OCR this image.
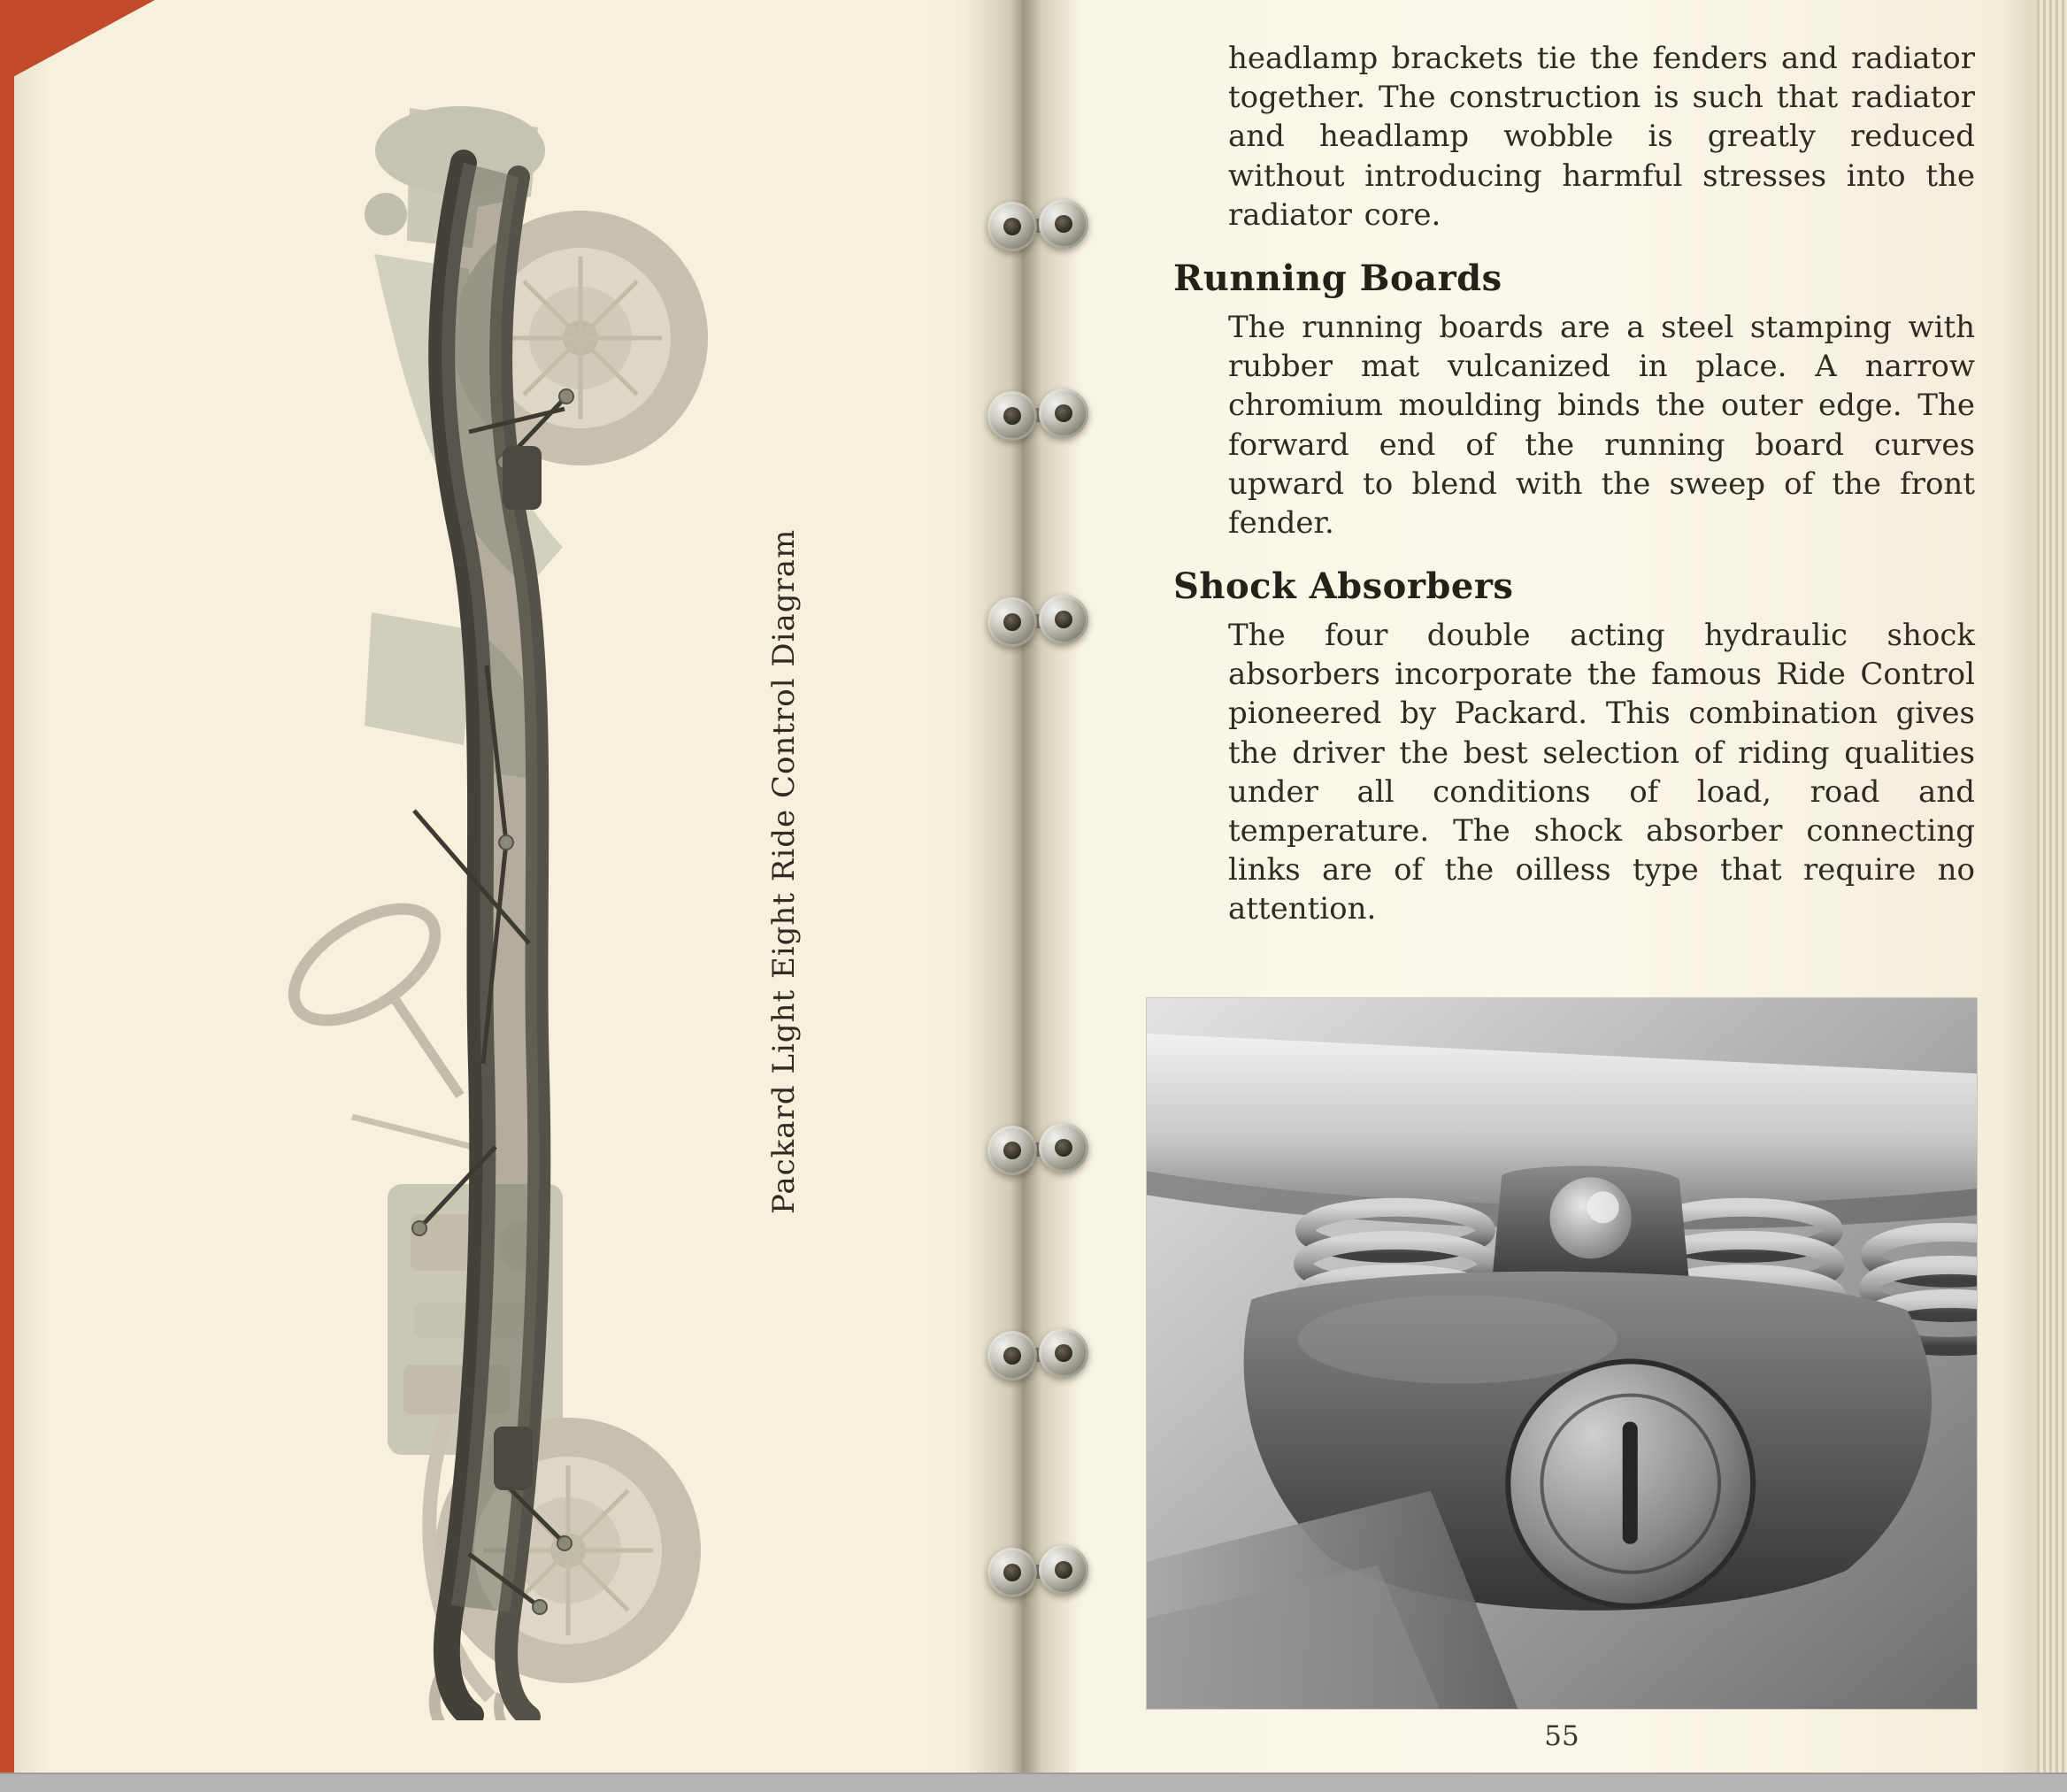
Packard Light Eight Ride Control Diagram

headlamp brackets tie the fenders and radiator together. The construction is such that radiator and headlamp wobble is greatly reduced without introducing harmful stresses into the radiator core.

Running Boards

The running boards are a steel stamping with rubber mat vulcanized in place. A narrow chromium moulding binds the outer edge. The forward end of the running board curves upward to blend with the sweep of the front fender.

Shock Absorbers

The four double acting hydraulic shock absorbers incorporate the famous Ride Control pioneered by Packard. This combination gives the driver the best selection of riding qualities under all conditions of load, road and temperature. The shock absorber connecting links are of the oilless type that require no attention.

55
